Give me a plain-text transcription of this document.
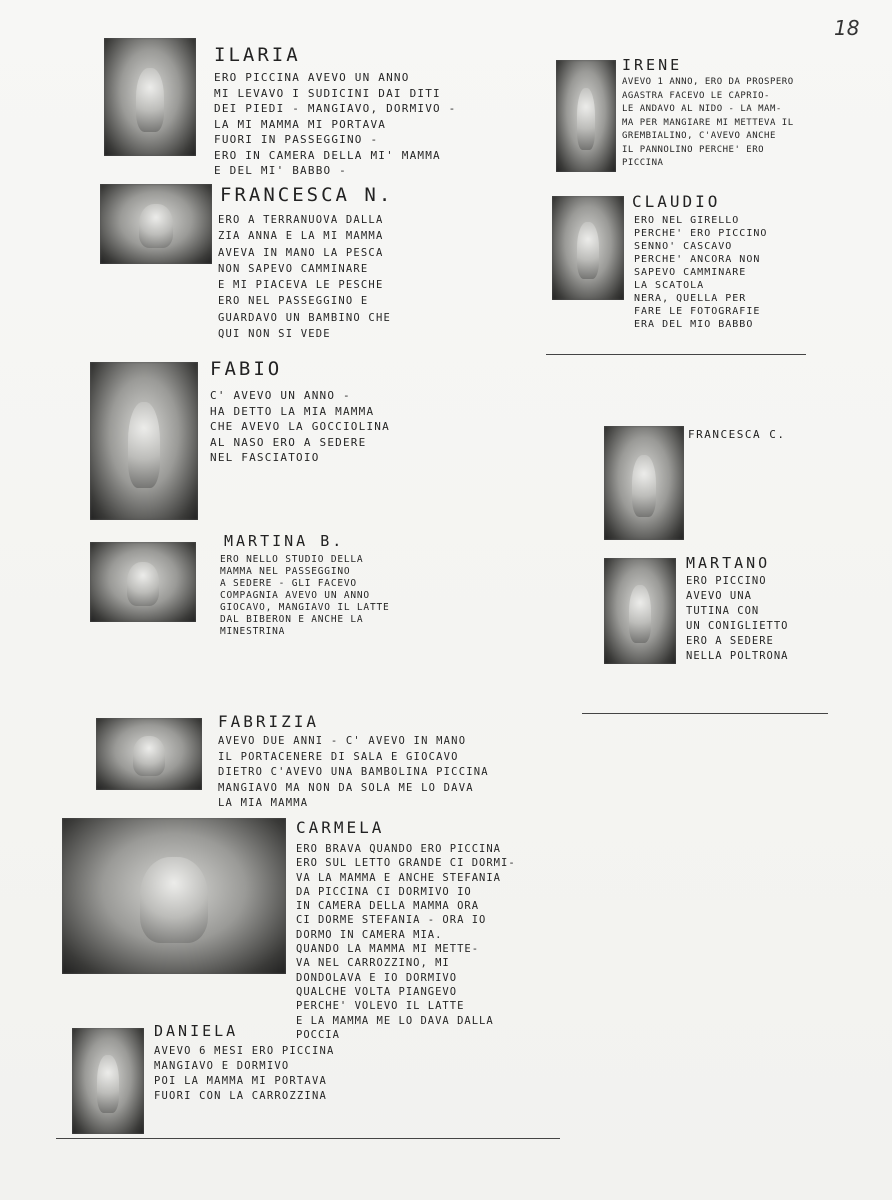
18
ILARIA
ERO PICCINA AVEVO UN ANNO
MI LEVAVO I SUDICINI DAI DITI
DEI PIEDI - MANGIAVO, DORMIVO -
LA MI MAMMA MI PORTAVA
FUORI IN PASSEGGINO -
ERO IN CAMERA DELLA MI' MAMMA
E DEL MI' BABBO -
IRENE
AVEVO 1 ANNO, ERO DA PROSPERO
AGASTRA FACEVO LE CAPRIO-
LE ANDAVO AL NIDO - LA MAM-
MA PER MANGIARE MI METTEVA IL
GREMBIALINO, C'AVEVO ANCHE
IL PANNOLINO PERCHE' ERO
PICCINA
FRANCESCA N.
ERO A TERRANUOVA DALLA
ZIA ANNA E LA MI MAMMA
AVEVA IN MANO LA PESCA
NON SAPEVO CAMMINARE
E MI PIACEVA LE PESCHE
ERO NEL PASSEGGINO E
GUARDAVO UN BAMBINO CHE
QUI NON SI VEDE
CLAUDIO
ERO NEL GIRELLO
PERCHE' ERO PICCINO
SENNO' CASCAVO
PERCHE' ANCORA NON
SAPEVO CAMMINARE
LA SCATOLA
NERA, QUELLA PER
FARE LE FOTOGRAFIE
ERA DEL MIO BABBO
FABIO
C' AVEVO UN ANNO -
HA DETTO LA MIA MAMMA
CHE AVEVO LA GOCCIOLINA
AL NASO ERO A SEDERE
NEL FASCIATOIO
FRANCESCA C.
MARTINA B.
ERO NELLO STUDIO DELLA
MAMMA NEL PASSEGGINO
A SEDERE - GLI FACEVO
COMPAGNIA AVEVO UN ANNO
GIOCAVO, MANGIAVO IL LATTE
DAL BIBERON E ANCHE LA
MINESTRINA
MARTANO
ERO PICCINO
AVEVO UNA
TUTINA CON
UN CONIGLIETTO
ERO A SEDERE
NELLA POLTRONA
FABRIZIA
AVEVO DUE ANNI - C' AVEVO IN MANO
IL PORTACENERE DI SALA E GIOCAVO
DIETRO C'AVEVO UNA BAMBOLINA PICCINA
MANGIAVO MA NON DA SOLA ME LO DAVA
LA MIA MAMMA
CARMELA
ERO BRAVA QUANDO ERO PICCINA
ERO SUL LETTO GRANDE CI DORMI-
VA LA MAMMA E ANCHE STEFANIA
DA PICCINA CI DORMIVO IO
IN CAMERA DELLA MAMMA ORA
CI DORME STEFANIA - ORA IO
DORMO IN CAMERA MIA.
QUANDO LA MAMMA MI METTE-
VA NEL CARROZZINO, MI
DONDOLAVA E IO DORMIVO
QUALCHE VOLTA PIANGEVO
PERCHE' VOLEVO IL LATTE
E LA MAMMA ME LO DAVA DALLA
POCCIA
DANIELA
AVEVO 6 MESI ERO PICCINA
MANGIAVO E DORMIVO
POI LA MAMMA MI PORTAVA
FUORI CON LA CARROZZINA
